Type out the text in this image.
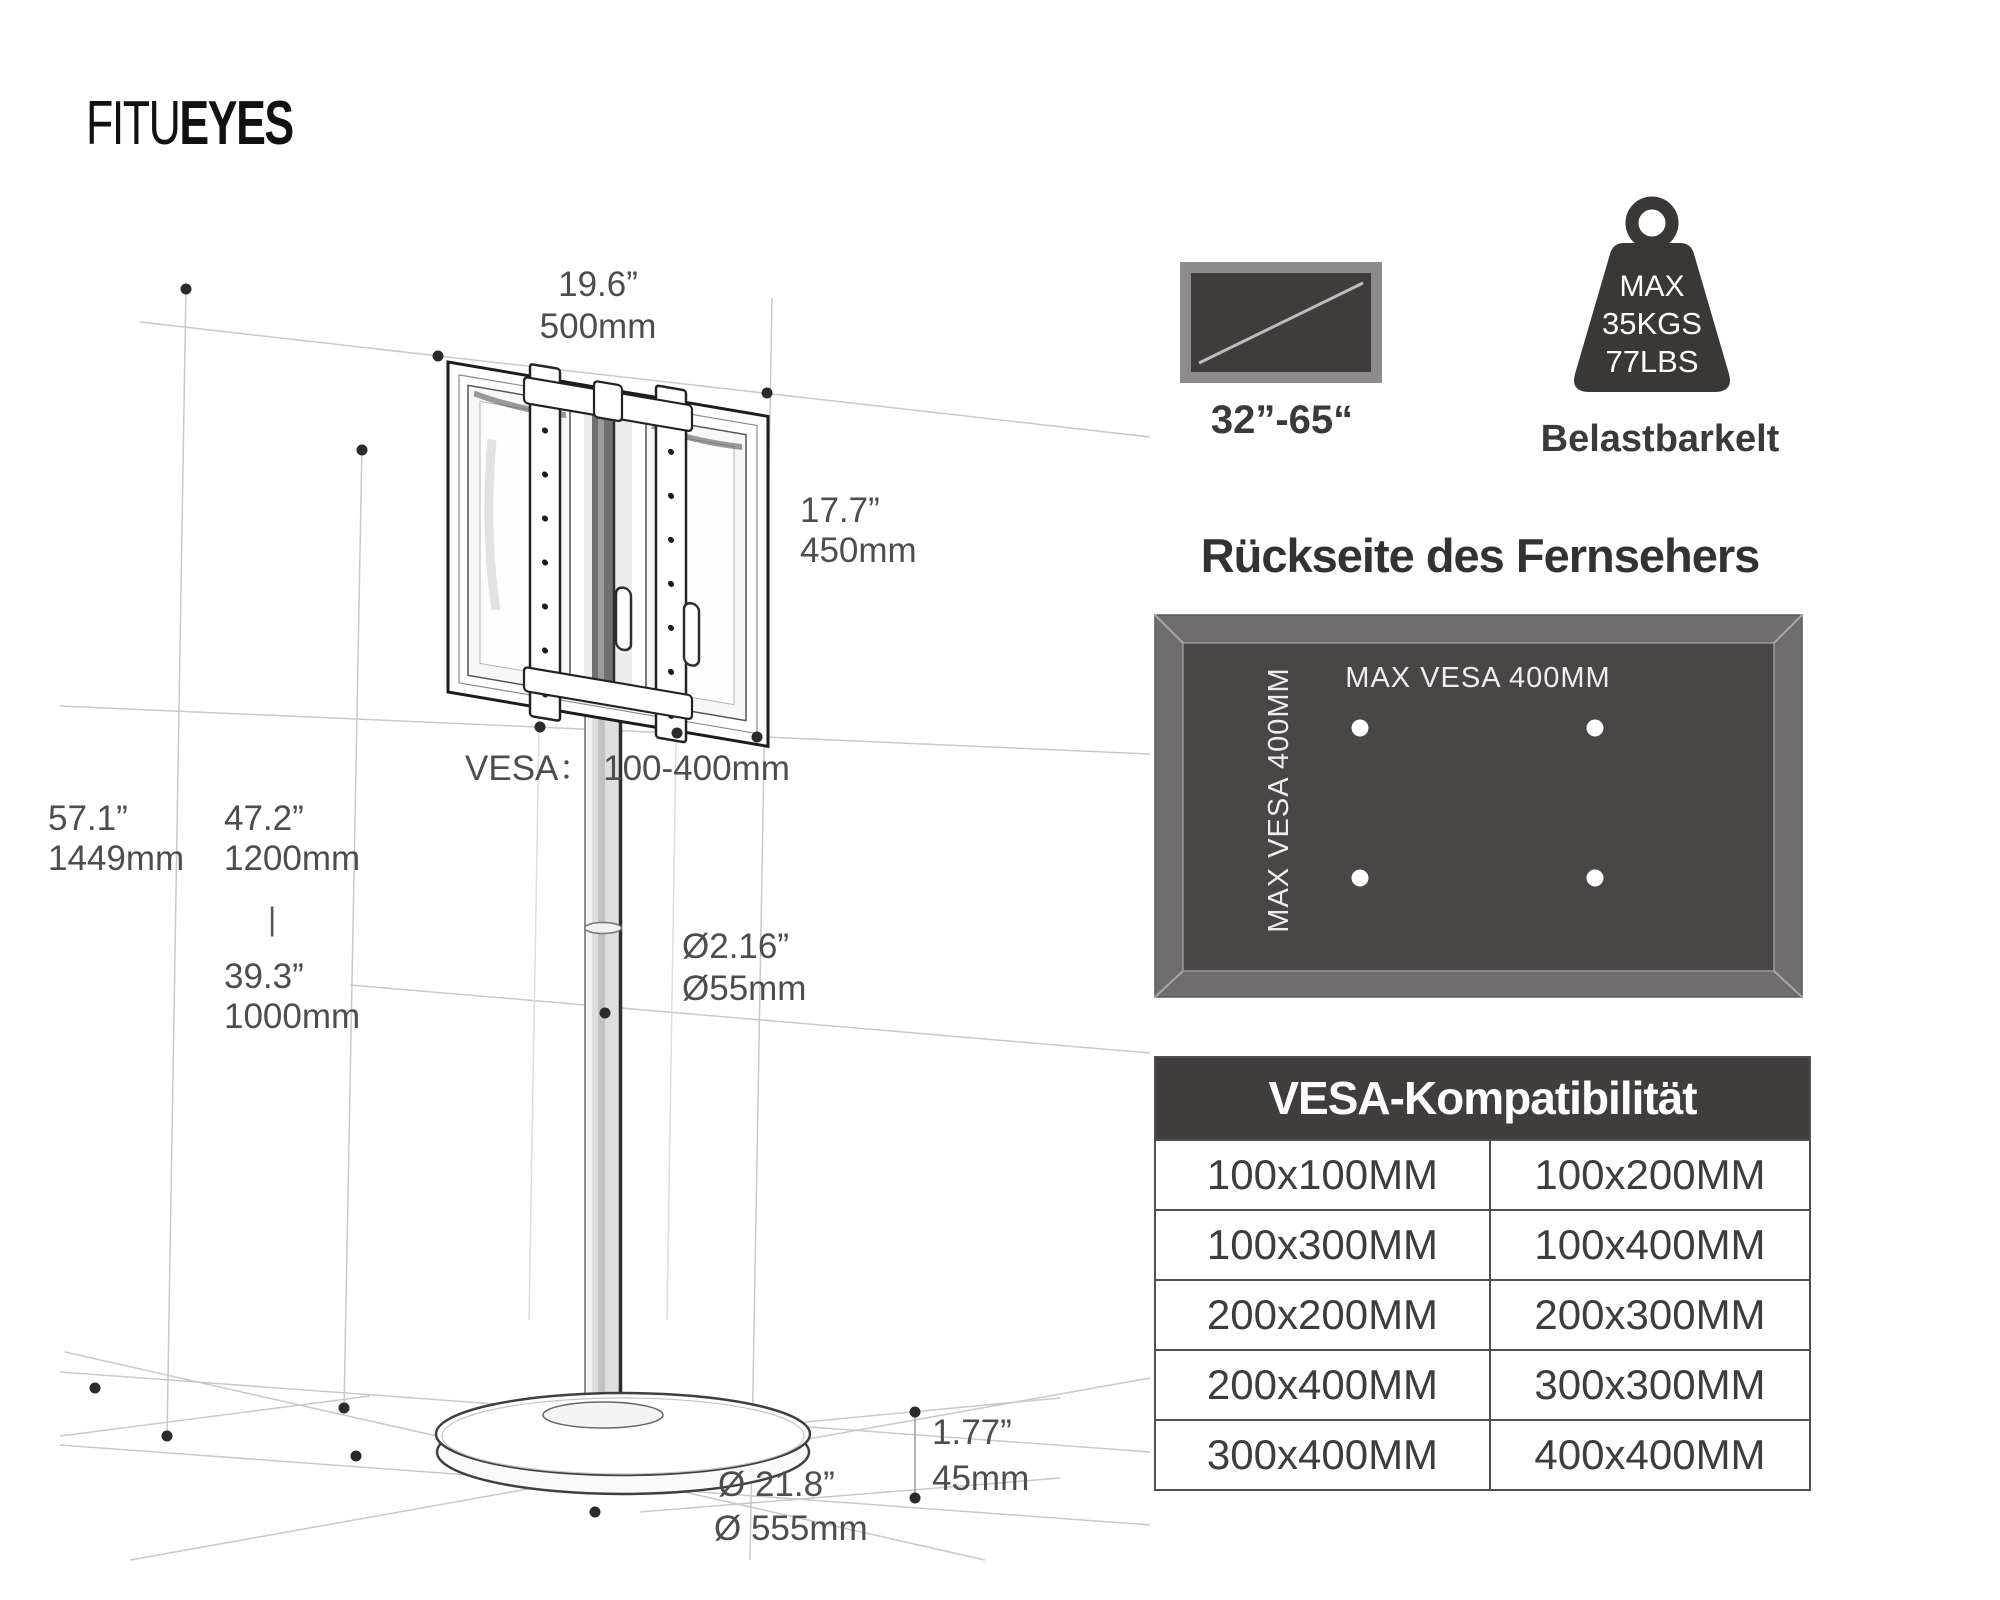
FITUEYES
19.6”
500mm
17.7”
450mm
VESA： 100-400mm
57.1”
1449mm
47.2”
1200mm
|
39.3”
1000mm
Ø2.16”
Ø55mm
Ø 21.8”
Ø 555mm
1.77”
45mm
32”-65“
MAX
35KGS
77LBS
Belastbarkelt
Rückseite des Fernsehers
MAX VESA 400MM
MAX VESA 400MM
VESA-Kompatibilität
100x100MM	100x200MM
100x300MM	100x400MM
200x200MM	200x300MM
200x400MM	300x300MM
300x400MM	400x400MM
